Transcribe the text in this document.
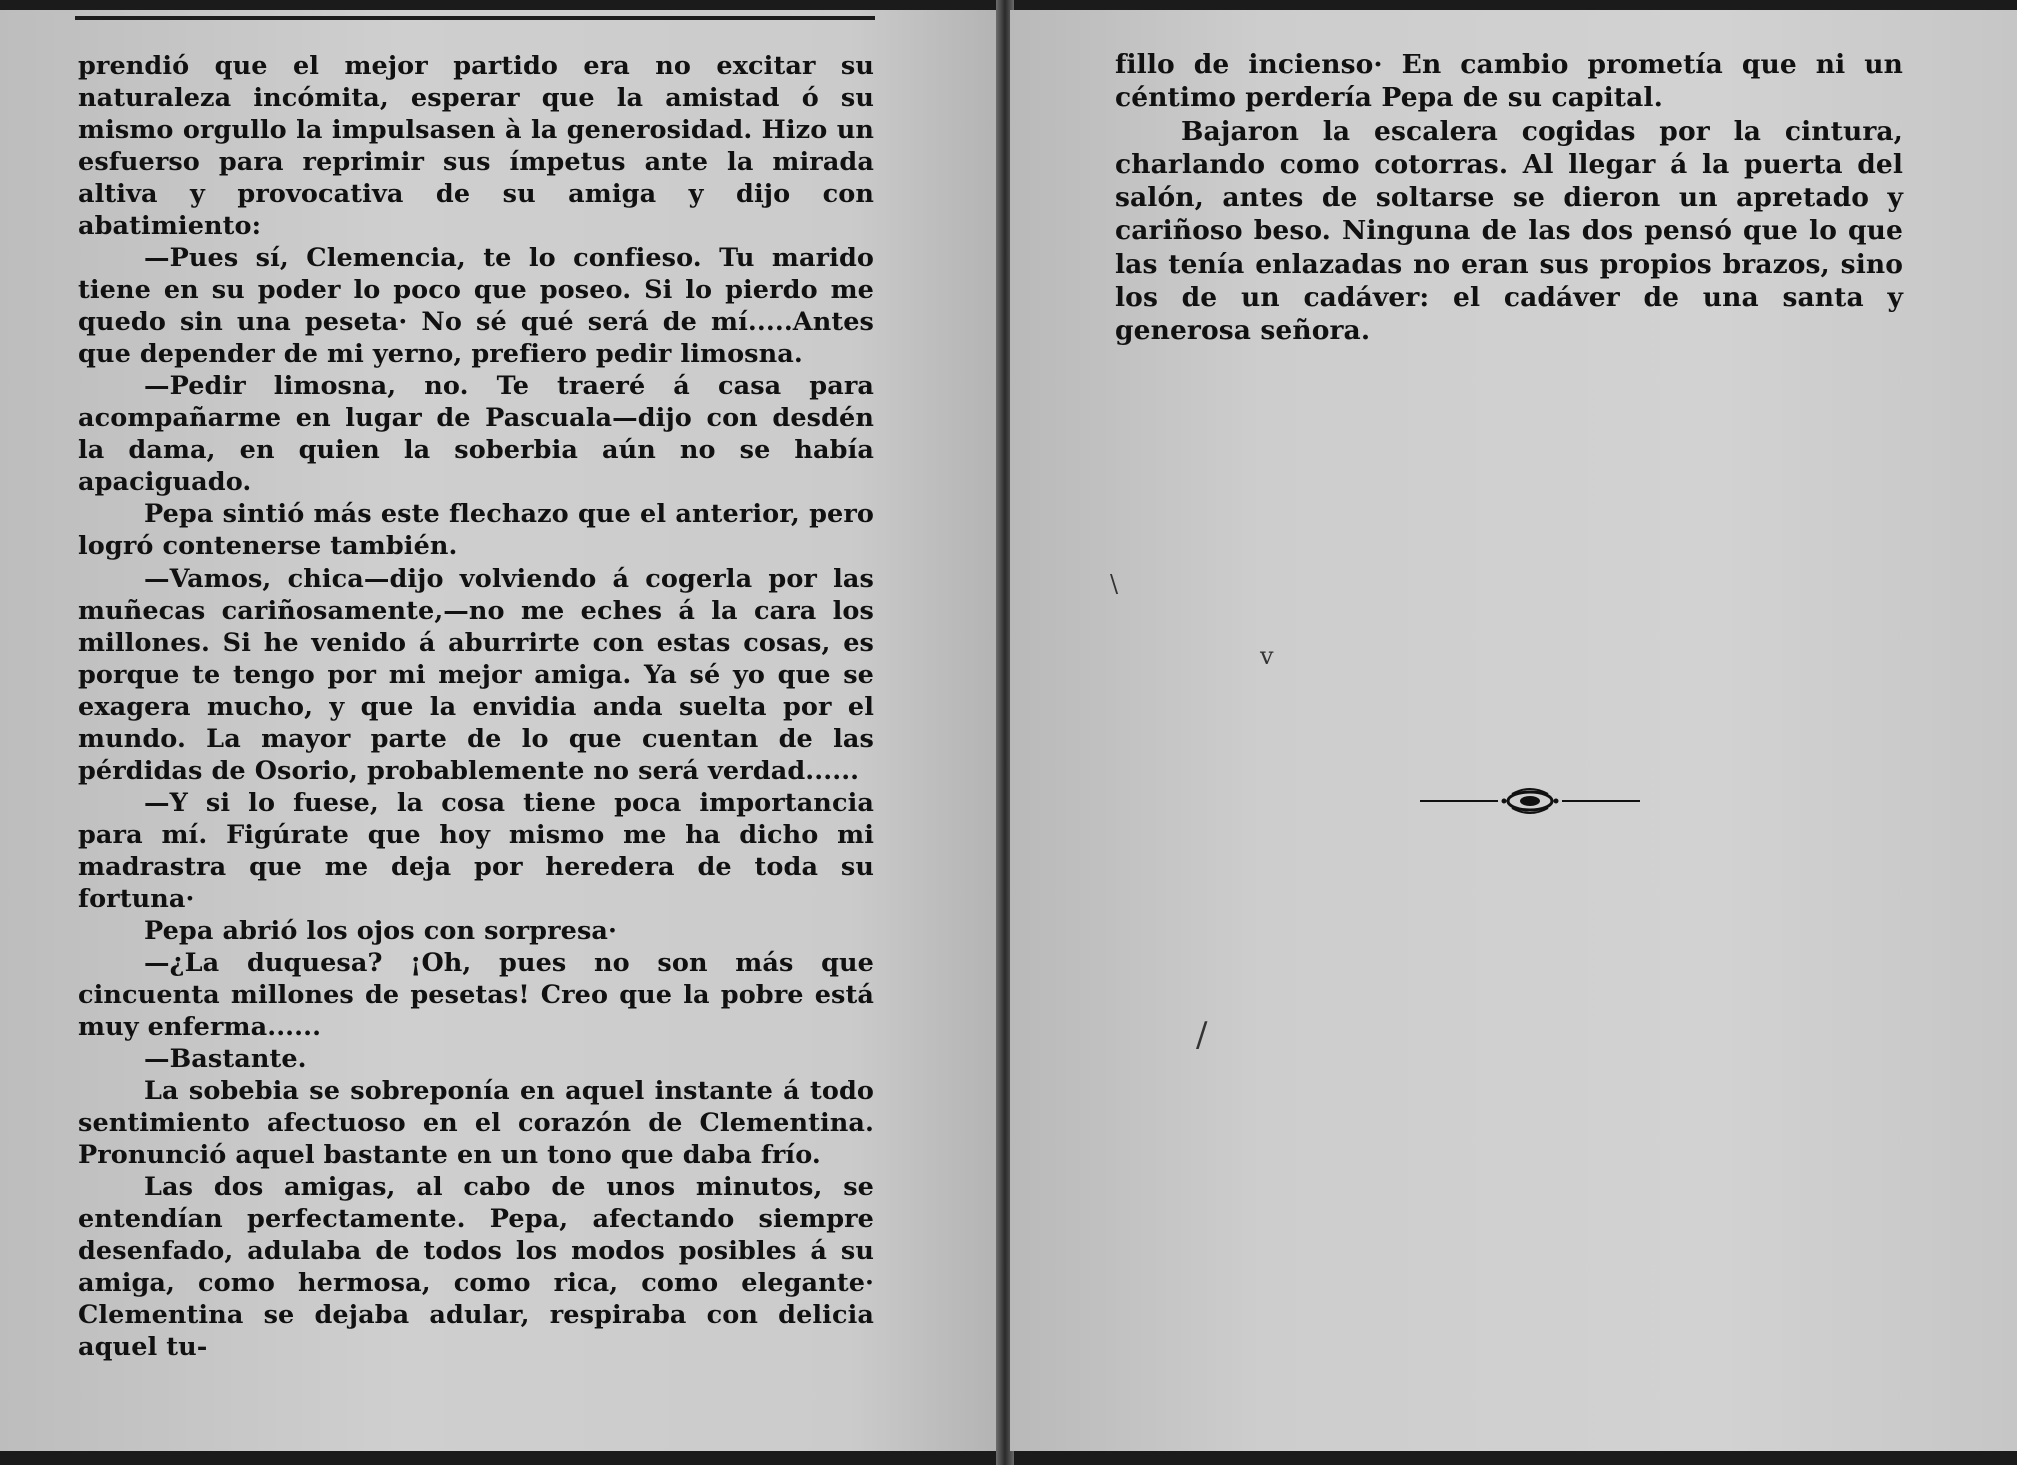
prendió que el mejor partido era no excitar su naturaleza incómita, esperar que la amistad ó su mismo orgullo la impulsasen à la generosidad. Hizo un esfuerso para reprimir sus ímpetus ante la mirada altiva y provocativa de su amiga y dijo con abatimiento:

—Pues sí, Clemencia, te lo confieso. Tu marido tiene en su poder lo poco que poseo. Si lo pierdo me quedo sin una peseta· No sé qué será de mí.....Antes que depender de mi yerno, prefiero pedir limosna.

—Pedir limosna, no. Te traeré á casa para acompañarme en lugar de Pascuala—dijo con desdén la dama, en quien la soberbia aún no se había apaciguado.

Pepa sintió más este flechazo que el anterior, pero logró contenerse también.

—Vamos, chica—dijo volviendo á cogerla por las muñecas cariñosamente,—no me eches á la cara los millones. Si he venido á aburrirte con estas cosas, es porque te tengo por mi mejor amiga. Ya sé yo que se exagera mucho, y que la envidia anda suelta por el mundo. La mayor parte de lo que cuentan de las pérdidas de Osorio, probablemente no será verdad......

—Y si lo fuese, la cosa tiene poca importancia para mí. Figúrate que hoy mismo me ha dicho mi madrastra que me deja por heredera de toda su fortuna·

Pepa abrió los ojos con sorpresa·

—¿La duquesa? ¡Oh, pues no son más que cincuenta millones de pesetas! Creo que la pobre está muy enferma......

—Bastante.

La sobebia se sobreponía en aquel instante á todo sentimiento afectuoso en el corazón de Clementina. Pronunció aquel bastante en un tono que daba frío.

Las dos amigas, al cabo de unos minutos, se entendían perfectamente. Pepa, afectando siempre desenfado, adulaba de todos los modos posibles á su amiga, como hermosa, como rica, como elegante· Clementina se dejaba adular, respiraba con delicia aquel tu-

fillo de incienso· En cambio prometía que ni un céntimo perdería Pepa de su capital.

Bajaron la escalera cogidas por la cintura, charlando como cotorras. Al llegar á la puerta del salón, antes de soltarse se dieron un apretado y cariñoso beso. Ninguna de las dos pensó que lo que las tenía enlazadas no eran sus propios brazos, sino los de un cadáver: el cadáver de una santa y generosa señora.

\
v
/
